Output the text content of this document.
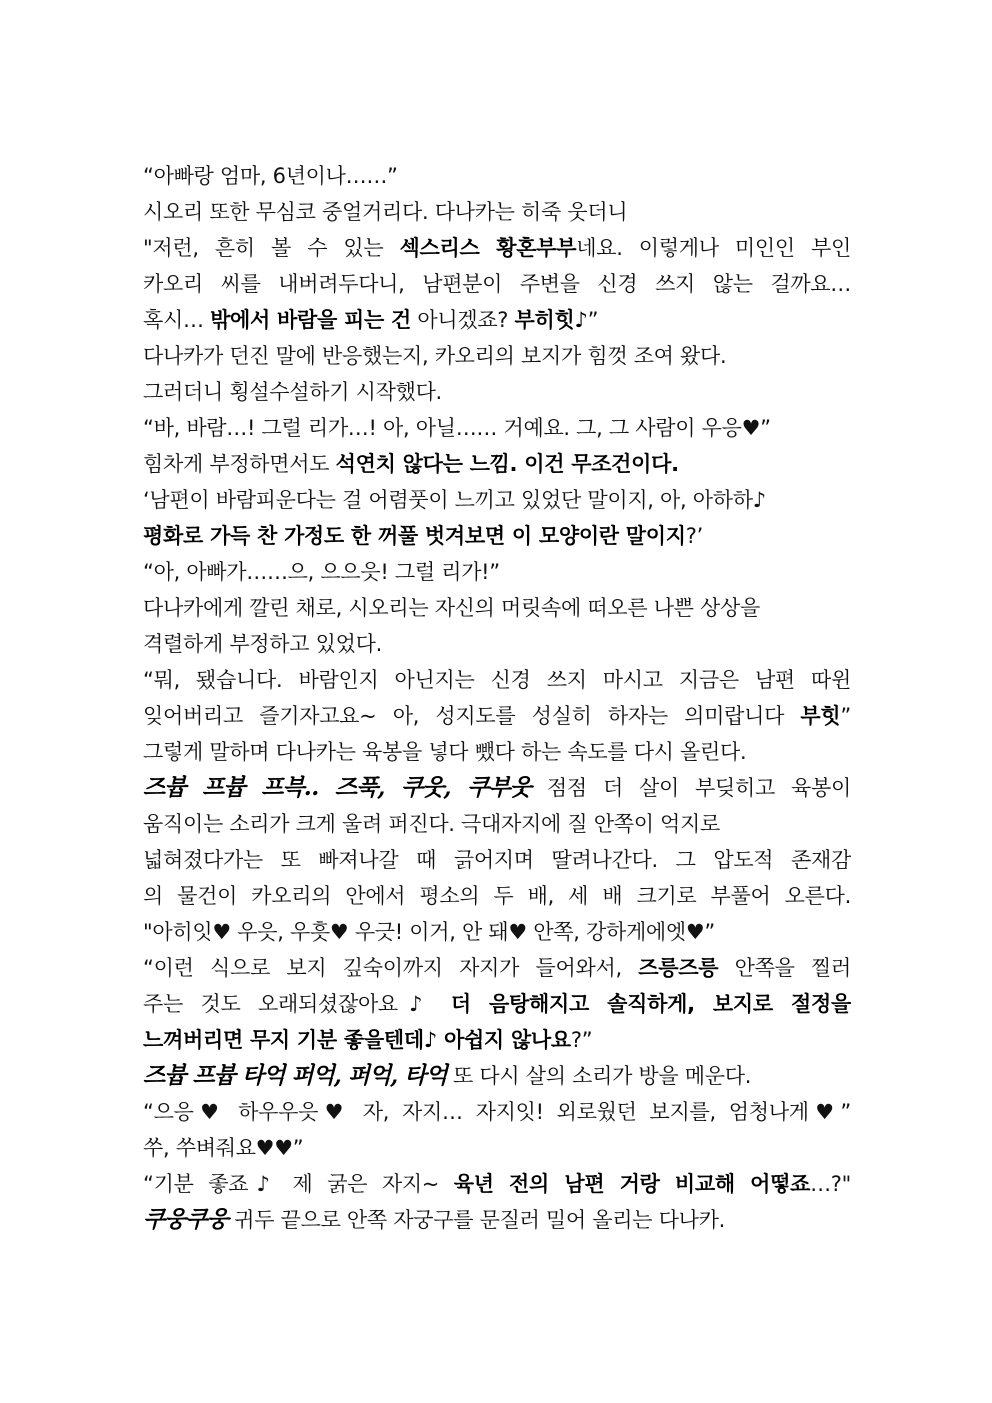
“아빠랑 엄마, 6년이나……”
시오리 또한 무심코 중얼거리다. 다나카는 히죽 웃더니
"저런, 흔히 볼 수 있는 섹스리스 황혼부부네요. 이렇게나 미인인 부인
카오리 씨를 내버려두다니, 남편분이 주변을 신경 쓰지 않는 걸까요…
혹시… 밖에서 바람을 피는 건 아니겠죠? 부히힛♪”
다나카가 던진 말에 반응했는지, 카오리의 보지가 힘껏 조여 왔다.
그러더니 횡설수설하기 시작했다.
“바, 바람…! 그럴 리가…! 아, 아닐…… 거예요. 그, 그 사람이 우응♥”
힘차게 부정하면서도 석연치 않다는 느낌. 이건 무조건이다.
‘남편이 바람피운다는 걸 어렴풋이 느끼고 있었단 말이지, 아, 아하하♪
평화로 가득 찬 가정도 한 꺼풀 벗겨보면 이 모양이란 말이지?’
“아, 아빠가……으, 으으읏! 그럴 리가!”
다나카에게 깔린 채로, 시오리는 자신의 머릿속에 떠오른 나쁜 상상을
격렬하게 부정하고 있었다.
“뭐, 됐습니다. 바람인지 아닌지는 신경 쓰지 마시고 지금은 남편 따윈
잊어버리고 즐기자고요~ 아, 성지도를 성실히 하자는 의미랍니다 부힛”
그렇게 말하며 다나카는 육봉을 넣다 뺐다 하는 속도를 다시 올린다.
즈븁 프븁 프븍‥ 즈푹, 쿠웃, 쿠부웃 점점 더 살이 부딪히고 육봉이
움직이는 소리가 크게 울려 퍼진다. 극대자지에 질 안쪽이 억지로
넓혀졌다가는 또 빠져나갈 때 긁어지며 딸려나간다. 그 압도적 존재감
의 물건이 카오리의 안에서 평소의 두 배, 세 배 크기로 부풀어 오른다.
"아히잇♥ 우읏, 우흣♥ 우긋! 이거, 안 돼♥ 안쪽, 강하게에엣♥”
“이런 식으로 보지 깊숙이까지 자지가 들어와서, 즈릉즈릉 안쪽을 찔러
주는 것도 오래되셨잖아요♪ 더 음탕해지고 솔직하게, 보지로 절정을
느껴버리면 무지 기분 좋을텐데♪ 아쉽지 않나요?”
즈븁 프븁 타억 퍼억, 퍼억, 타억 또 다시 살의 소리가 방을 메운다.
“으응♥ 하우우읏♥ 자, 자지… 자지잇! 외로웠던 보지를, 엄청나게♥”
쑤, 쑤벼줘요♥♥”
“기분 좋죠♪ 제 굵은 자지~ 육년 전의 남편 거랑 비교해 어떻죠…?"
쿠웅쿠웅 귀두 끝으로 안쪽 자궁구를 문질러 밀어 올리는 다나카.
